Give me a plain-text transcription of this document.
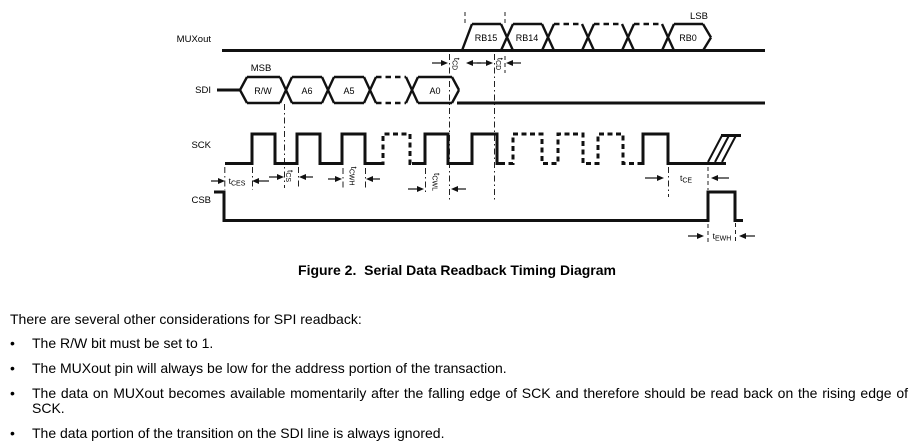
MUXout
SDI
SCK
CSB
LSB
RB15 RB14	RB0
MSB
R/W	A6	A5	A0
tCES
tCS
tCWH	tCWL
tCD
tCD
tCE
tEWH
Figure 2.  Serial Data Readback Timing Diagram

There are several other considerations for SPI readback:

• The R/W bit must be set to 1.
• The MUXout pin will always be low for the address portion of the transaction.
• The data on MUXout becomes available momentarily after the falling edge of SCK and therefore should be read back on the rising edge of SCK.
• The data portion of the transition on the SDI line is always ignored.
